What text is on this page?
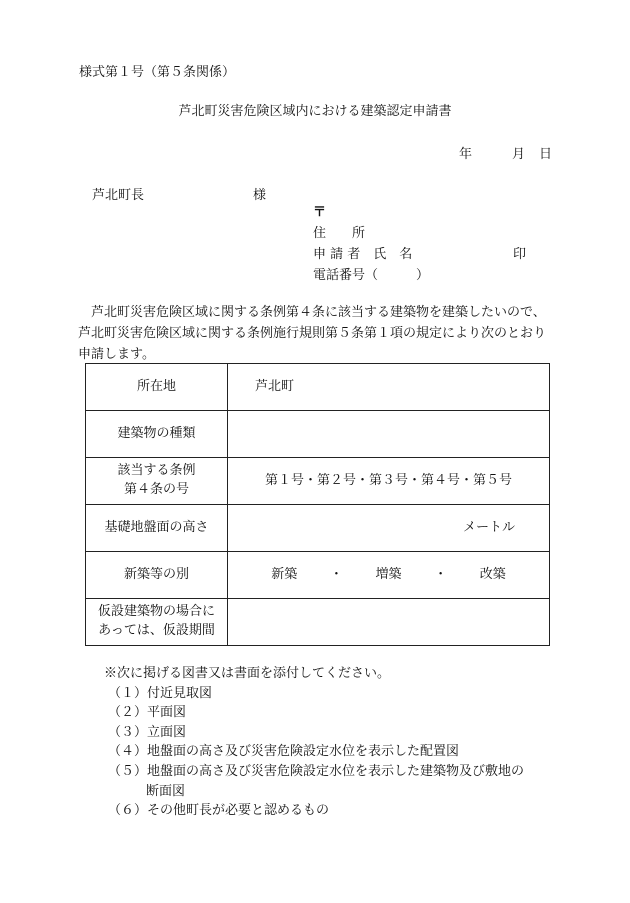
様式第１号（第５条関係）
芦北町災害危険区域内における建築認定申請書
年	月 日
芦北町長	様
〒
住　　所
申 請 者　氏　名	印
電話番号（	）
　芦北町災害危険区域に関する条例第４条に該当する建築物を建築したいので、
芦北町災害危険区域に関する条例施行規則第５条第１項の規定により次のとおり
申請します。
所在地	芦北町
建築物の種類	

該当する条例
第４条の号	第１号・第２号・第３号・第４号・第５号
基礎地盤面の高さ	メートル
新築等の別	新築 ・ 増築 ・ 改築

仮設建築物の場合に
あっては、仮設期間	

※次に掲げる図書又は書面を添付してください。
（１）付近見取図
（２）平面図
（３）立面図
（４）地盤面の高さ及び災害危険設定水位を表示した配置図
（５）地盤面の高さ及び災害危険設定水位を表示した建築物及び敷地の
断面図
（６）その他町長が必要と認めるもの
